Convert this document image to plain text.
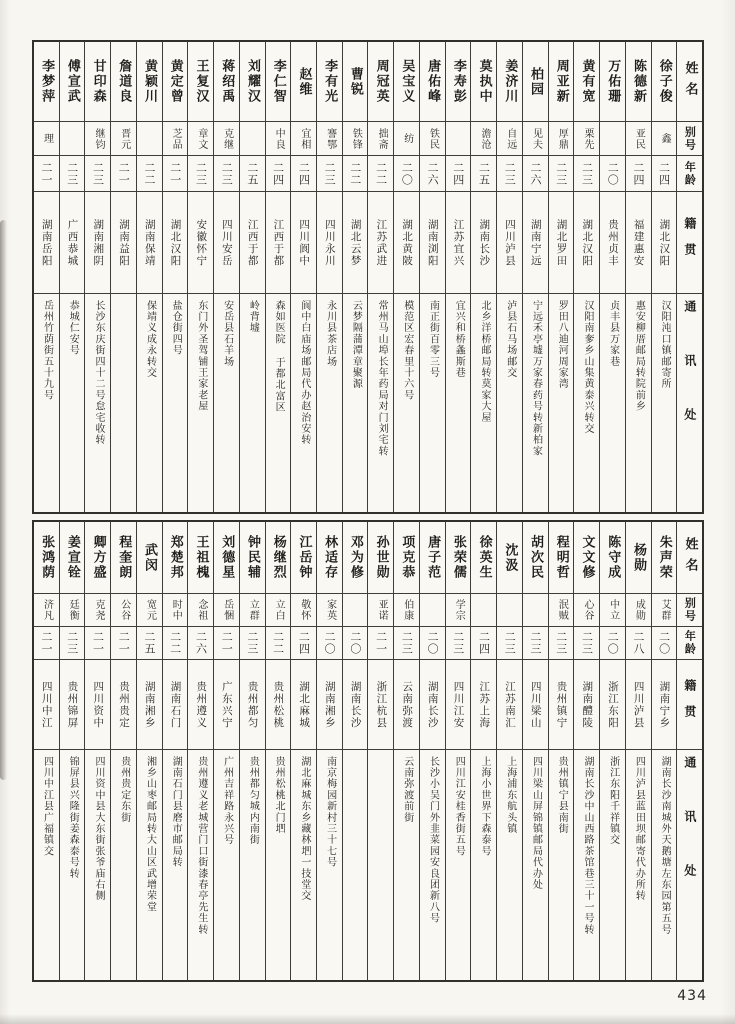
姓名
别号
年龄
籍贯
通讯处
徐子俊
鑫
二四
湖北汉阳
汉阳沌口镇邮寄所
陈德新
亚民
二四
福建惠安
惠安柳厝邮局转院前乡
万佑珊
二〇
贵州贞丰
贞丰县万家巷
黄有宽
栗先
二三
湖北汉阳
汉阳南奓乡山集黄泰兴转交
周亚新
厚鼎
二三
湖北罗田
罗田八迪河周家湾
柏园
见夫
二六
湖南宁远
宁远禾亭墟万家春药号转新柏家
姜济川
自远
二三
四川泸县
泸县石马场邮交
莫执中
澹沧
二五
湖南长沙
北乡洋桥邮局转莫家大屋
李寿彭
二四
江苏宜兴
宜兴和桥螽斯巷
唐佑峰
铁民
二六
湖南浏阳
南正街百零三号
吴宝义
纺
二〇
湖北黄陂
模范区宏春里十六号
周冠英
拙斋
二二
江苏武进
常州马山埠长年药局对门刘宅转
曹锐
铁锋
二二
湖北云梦
云梦隔蒲潭章聚源
李有光
謇鄂
二三
四川永川
永川县茶店场
赵维
宜相
二四
四川阆中
阆中白庙场邮局代办赵治安转
李仁智
中良
二四
江西于都
森如医院 于都北富区
刘耀汉
二五
江西于都
岭背墟
蒋绍禹
克继
二三
四川安岳
安岳县石羊场
王复汉
章文
二三
安徽怀宁
东门外圣驾铺王家老屋
黄定曾
芝品
二一
湖北汉阳
盐仓街四号
黄颖川
二二
湖南保靖
保靖义成永转交
詹道良
晋元
二一
湖南益阳
甘印森
继钧
二三
湖南湘阴
长沙东庆街四十二号怠宅收转
傅宣武
二三
广西恭城
恭城仁安号
李梦萍
理
二一
湖南岳阳
岳州竹荫街五十九号
姓名
别号
年龄
籍贯
通讯处
朱声荣
艾群
二〇
湖南宁乡
湖南长沙南城外天鹅塘左东园第五号
杨勋
成勋
二八
四川泸县
四川泸县蓝田坝邮寄代办所转
陈守成
中立
二〇
浙江东阳
浙江东阳千祥镇交
文文修
心谷
二三
湖南醴陵
湖南长沙中山西路茶馆巷三十一号转
程明哲
泯贼
二三
贵州镇宁
贵州镇宁县南街
胡次民
二三
四川梁山
四川梁山屏锦镇邮局代办处
沈汲
二三
江苏南汇
上海浦东航头镇
徐英生
二四
江苏上海
上海小世界下森泰号
张荣儒
学宗
二三
四川江安
四川江安桂香街五号
唐子范
二〇
湖南长沙
长沙小吴门外韭菜园安良团新八号
项克恭
伯康
二三
云南弥渡
云南弥渡前街
孙世勋
亚诺
二一
浙江杭县
邓为修
二〇
湖南长沙
林适存
家英
二〇
湖南湘乡
南京梅园新村三十七号
江岳钟
敬怀
二四
湖北麻城
湖北麻城东乡藏林垇一技堂交
杨继烈
立白
二二
贵州松桃
贵州松桃北门垇
钟民辅
立群
二三
贵州都匀
贵州都匀城内南街
刘德星
岳悃
二一
广东兴宁
广州吉祥路永兴号
王祖槐
念祖
二六
贵州遵义
贵州遵义老城营门口街漆春亭先生转
郑楚邦
时中
二二
湖南石门
湖南石门县磨市邮局转
武闵
宽元
二五
湖南湘乡
湘乡山枣邮局转大山区武增荣堂
程奎朗
公谷
二一
贵州贵定
贵州贵定东街
卿方盛
克尧
二一
四川资中
四川资中县大东街张爷庙右侧
姜宣铨
廷衡
二三
贵州锦屏
锦屏县兴隆街姜森泰号转
张鸿荫
济凡
二一
四川中江
四川中江县广福镇交
434
